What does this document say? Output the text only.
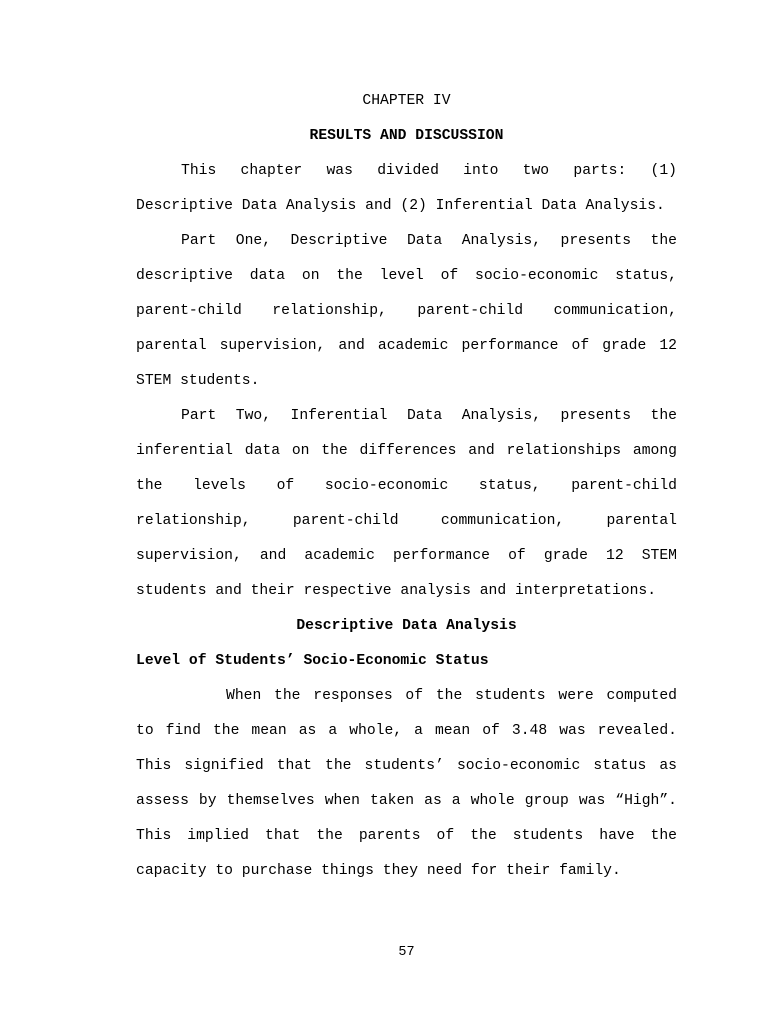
CHAPTER IV
RESULTS AND DISCUSSION
This chapter was divided into two parts: (1)
Descriptive Data Analysis and (2) Inferential Data Analysis.
Part One, Descriptive Data Analysis, presents the
descriptive data on the level of socio-economic status,
parent-child relationship, parent-child communication,
parental supervision, and academic performance of grade 12
STEM students.
Part Two, Inferential Data Analysis, presents the
inferential data on the differences and relationships among
the levels of socio-economic status, parent-child
relationship, parent-child communication, parental
supervision, and academic performance of grade 12 STEM
students and their respective analysis and interpretations.
Descriptive Data Analysis
Level of Students’ Socio-Economic Status
When the responses of the students were computed
to find the mean as a whole, a mean of 3.48 was revealed.
This signified that the students’ socio-economic status as
assess by themselves when taken as a whole group was “High”.
This implied that the parents of the students have the
capacity to purchase things they need for their family.
57
